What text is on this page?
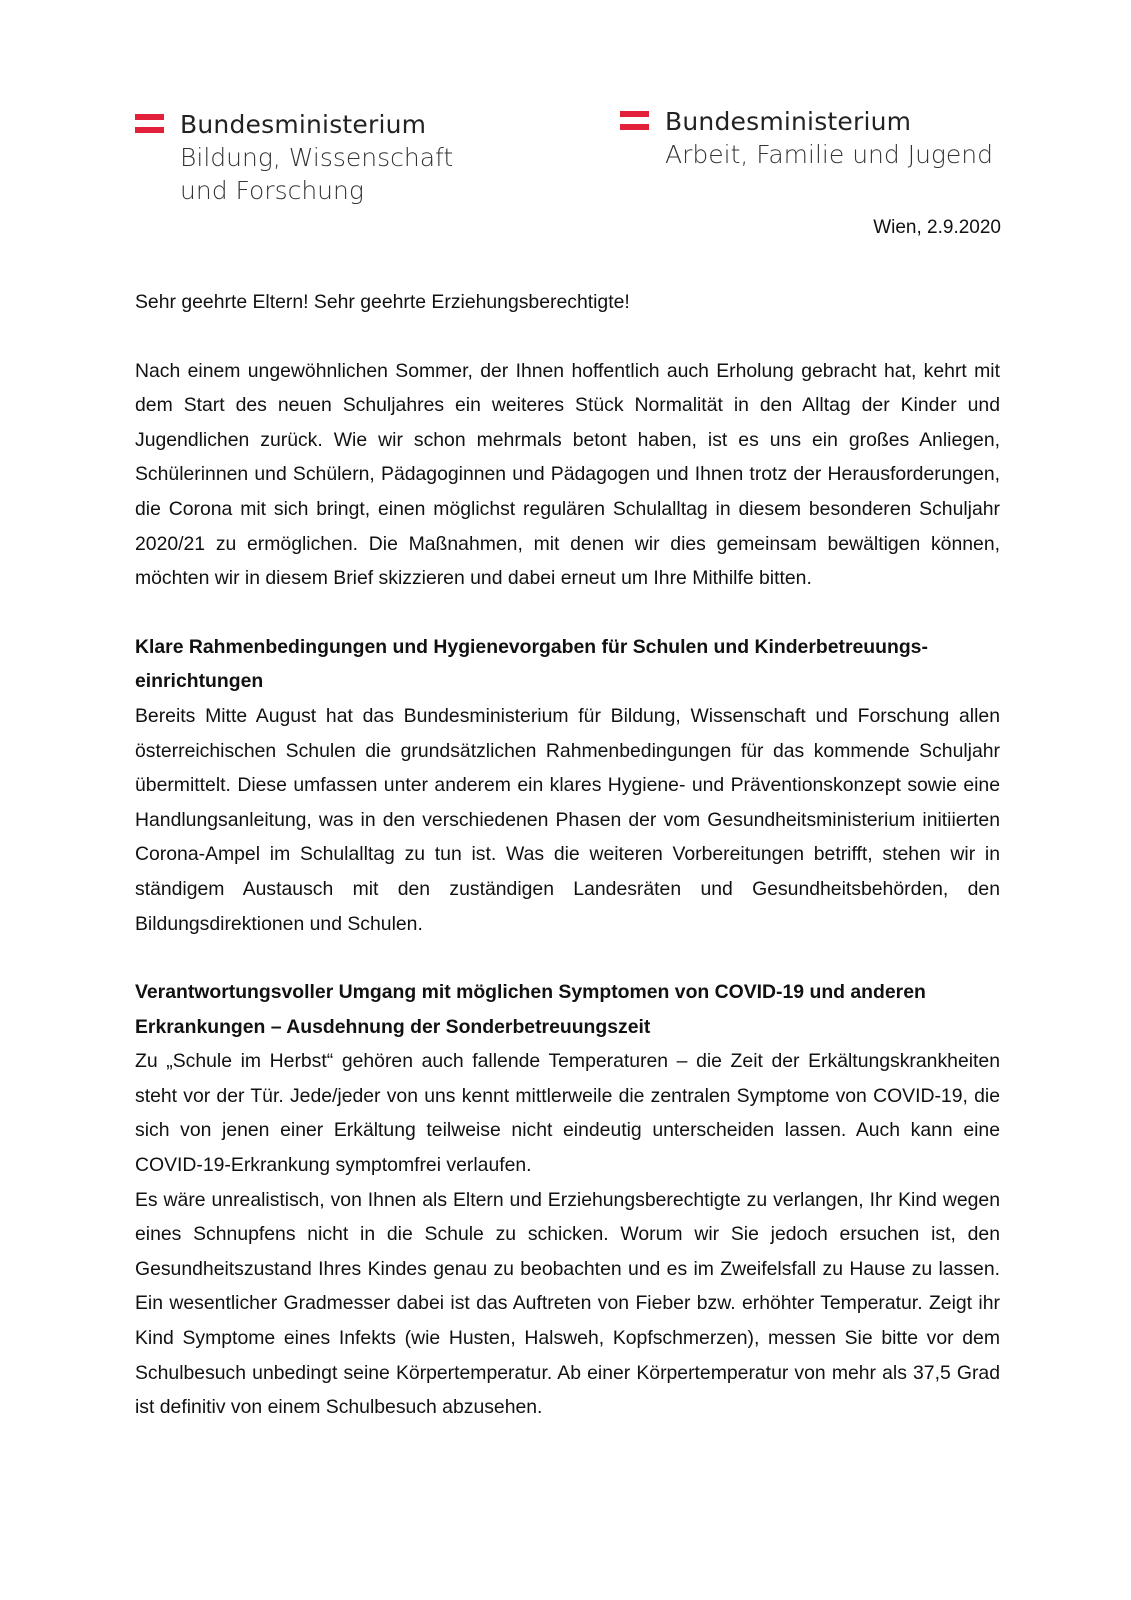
Bundesministerium
Bildung, Wissenschaft
und Forschung
Bundesministerium
Arbeit, Familie und Jugend
Wien, 2.9.2020

Sehr geehrte Eltern! Sehr geehrte Erziehungsberechtigte!

Nach einem ungewöhnlichen Sommer, der Ihnen hoffentlich auch Erholung gebracht hat, kehrt mit dem Start des neuen Schuljahres ein weiteres Stück Normalität in den Alltag der Kinder und Jugendlichen zurück. Wie wir schon mehrmals betont haben, ist es uns ein großes Anliegen, Schülerinnen und Schülern, Pädagoginnen und Pädagogen und Ihnen trotz der Herausforderungen, die Corona mit sich bringt, einen möglichst regulären Schulalltag in diesem besonderen Schuljahr 2020/21 zu ermöglichen. Die Maßnahmen, mit denen wir dies gemeinsam bewältigen können, möchten wir in diesem Brief skizzieren und dabei erneut um Ihre Mithilfe bitten.

Klare Rahmenbedingungen und Hygienevorgaben für Schulen und Kinderbetreuungs-einrichtungen

Bereits Mitte August hat das Bundesministerium für Bildung, Wissenschaft und Forschung allen österreichischen Schulen die grundsätzlichen Rahmenbedingungen für das kommende Schuljahr übermittelt. Diese umfassen unter anderem ein klares Hygiene- und Präventionskonzept sowie eine Handlungsanleitung, was in den verschiedenen Phasen der vom Gesundheitsministerium initiierten Corona-Ampel im Schulalltag zu tun ist. Was die weiteren Vorbereitungen betrifft, stehen wir in ständigem Austausch mit den zuständigen Landesräten und Gesundheitsbehörden, den Bildungsdirektionen und Schulen.

Verantwortungsvoller Umgang mit möglichen Symptomen von COVID-19 und anderen Erkrankungen – Ausdehnung der Sonderbetreuungszeit

Zu „Schule im Herbst“ gehören auch fallende Temperaturen – die Zeit der Erkältungskrankheiten steht vor der Tür. Jede/jeder von uns kennt mittlerweile die zentralen Symptome von COVID-19, die sich von jenen einer Erkältung teilweise nicht eindeutig unterscheiden lassen. Auch kann eine COVID-19-Erkrankung symptomfrei verlaufen.

Es wäre unrealistisch, von Ihnen als Eltern und Erziehungsberechtigte zu verlangen, Ihr Kind wegen eines Schnupfens nicht in die Schule zu schicken. Worum wir Sie jedoch ersuchen ist, den Gesundheitszustand Ihres Kindes genau zu beobachten und es im Zweifelsfall zu Hause zu lassen. Ein wesentlicher Gradmesser dabei ist das Auftreten von Fieber bzw. erhöhter Temperatur. Zeigt ihr Kind Symptome eines Infekts (wie Husten, Halsweh, Kopfschmerzen), messen Sie bitte vor dem Schulbesuch unbedingt seine Körpertemperatur. Ab einer Körpertemperatur von mehr als 37,5 Grad ist definitiv von einem Schulbesuch abzusehen.
